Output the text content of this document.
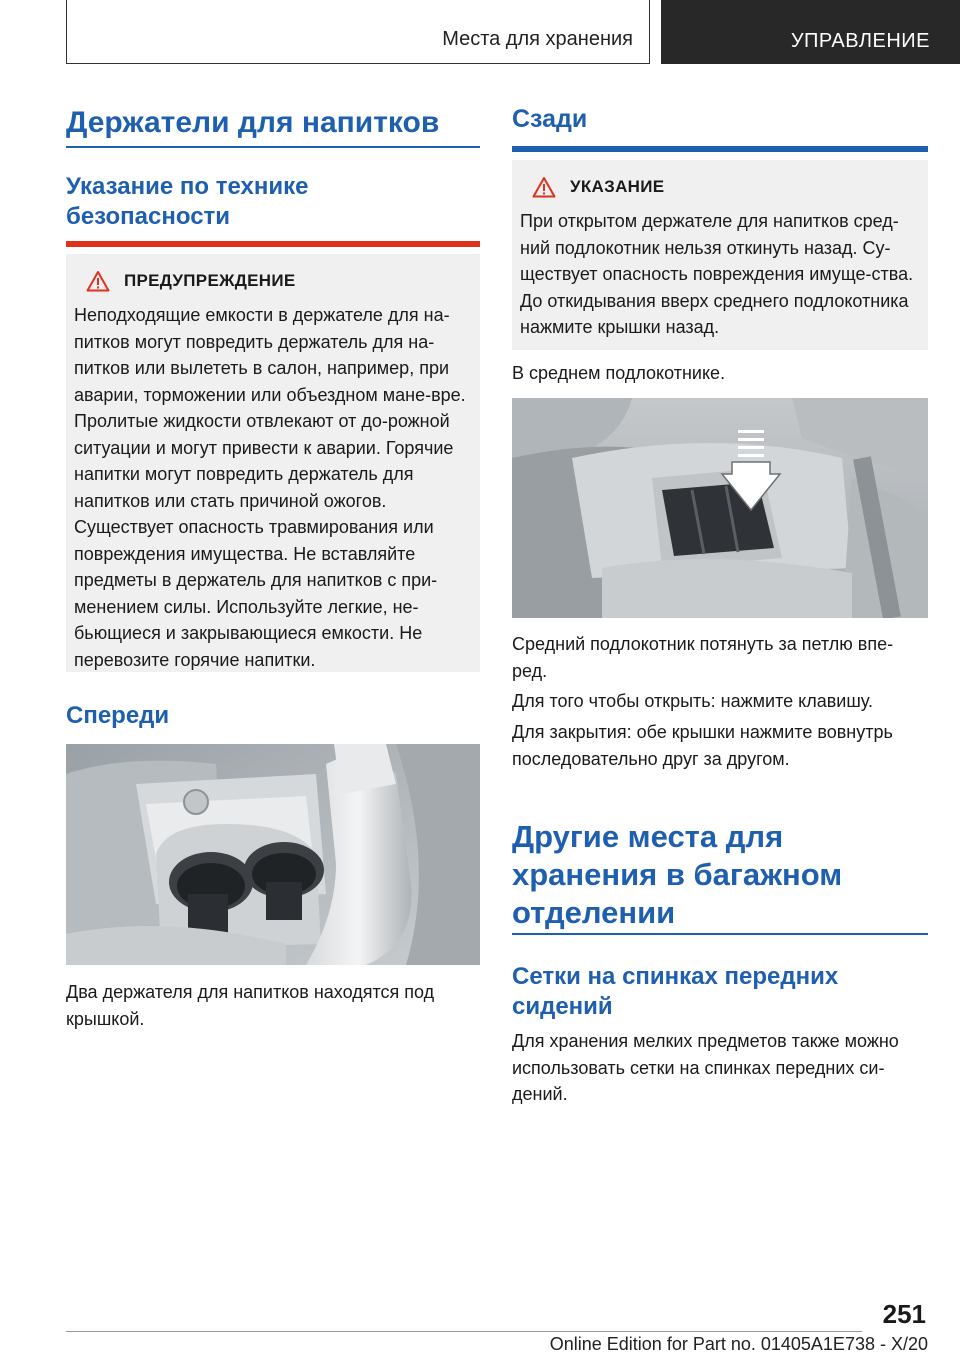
Места для хранения	УПРАВЛЕНИЕ
Держатели для напитков
Указание по технике безопасности
ПРЕДУПРЕЖДЕНИЕ
Неподходящие емкости в держателе для на-питков могут повредить держатель для на-питков или вылететь в салон, например, при аварии, торможении или объездном мане-вре. Пролитые жидкости отвлекают от до-рожной ситуации и могут привести к аварии. Горячие напитки могут повредить держатель для напитков или стать причиной ожогов. Существует опасность травмирования или повреждения имущества. Не вставляйте предметы в держатель для напитков с при-менением силы. Используйте легкие, не-бьющиеся и закрывающиеся емкости. Не перевозите горячие напитки.
Спереди
Два держателя для напитков находятся под крышкой.
Сзади
УКАЗАНИЕ
При открытом держателе для напитков сред-ний подлокотник нельзя откинуть назад. Су-ществует опасность повреждения имуще-ства. До откидывания вверх среднего подлокотника нажмите крышки назад.
В среднем подлокотнике.
Средний подлокотник потянуть за петлю впе-ред.
Для того чтобы открыть: нажмите клавишу.
Для закрытия: обе крышки нажмите вовнутрь последовательно друг за другом.
Другие места для хранения в багажном отделении
Сетки на спинках передних сидений
Для хранения мелких предметов также можно использовать сетки на спинках передних си-дений.
251
Online Edition for Part no. 01405A1E738 - X/20
